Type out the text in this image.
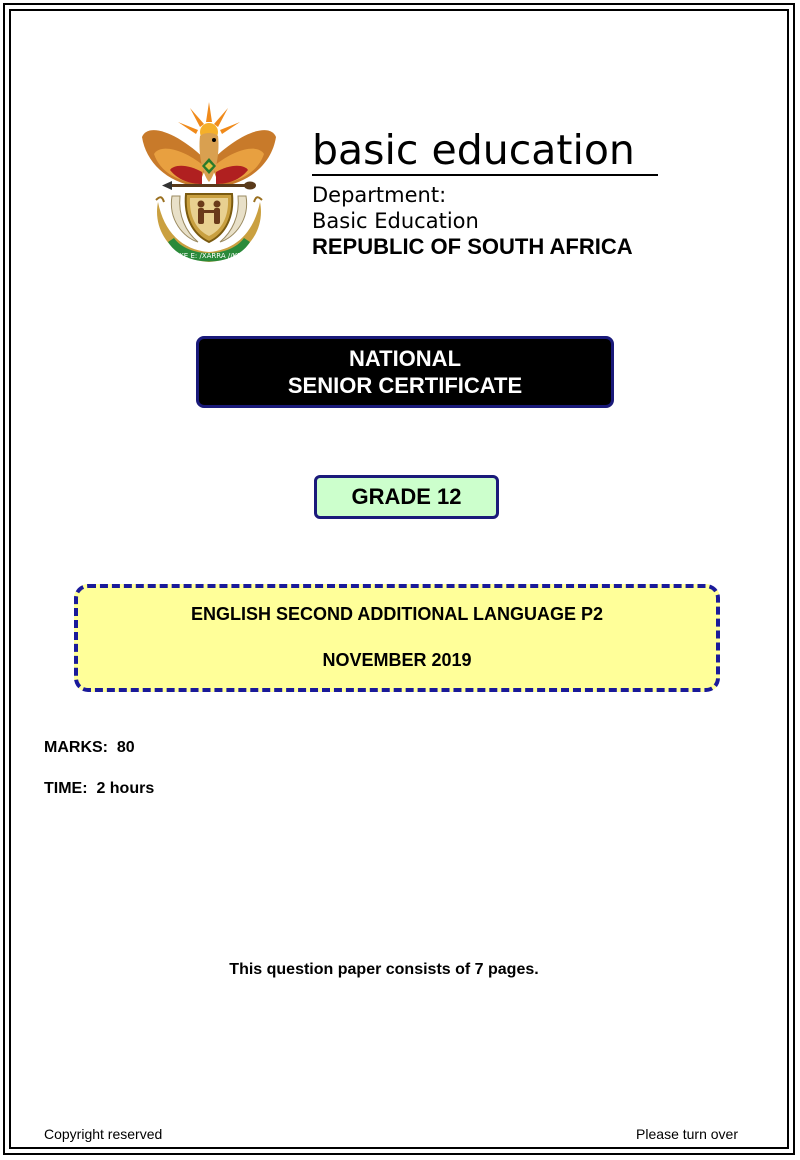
!KE E: /XARRA //KE
basic education
Department:
Basic Education
REPUBLIC OF SOUTH AFRICA
NATIONAL
SENIOR CERTIFICATE
GRADE 12
ENGLISH SECOND ADDITIONAL LANGUAGE P2
NOVEMBER 2019
MARKS:  80
TIME:  2 hours
This question paper consists of 7 pages.
Copyright reserved	Please turn over
